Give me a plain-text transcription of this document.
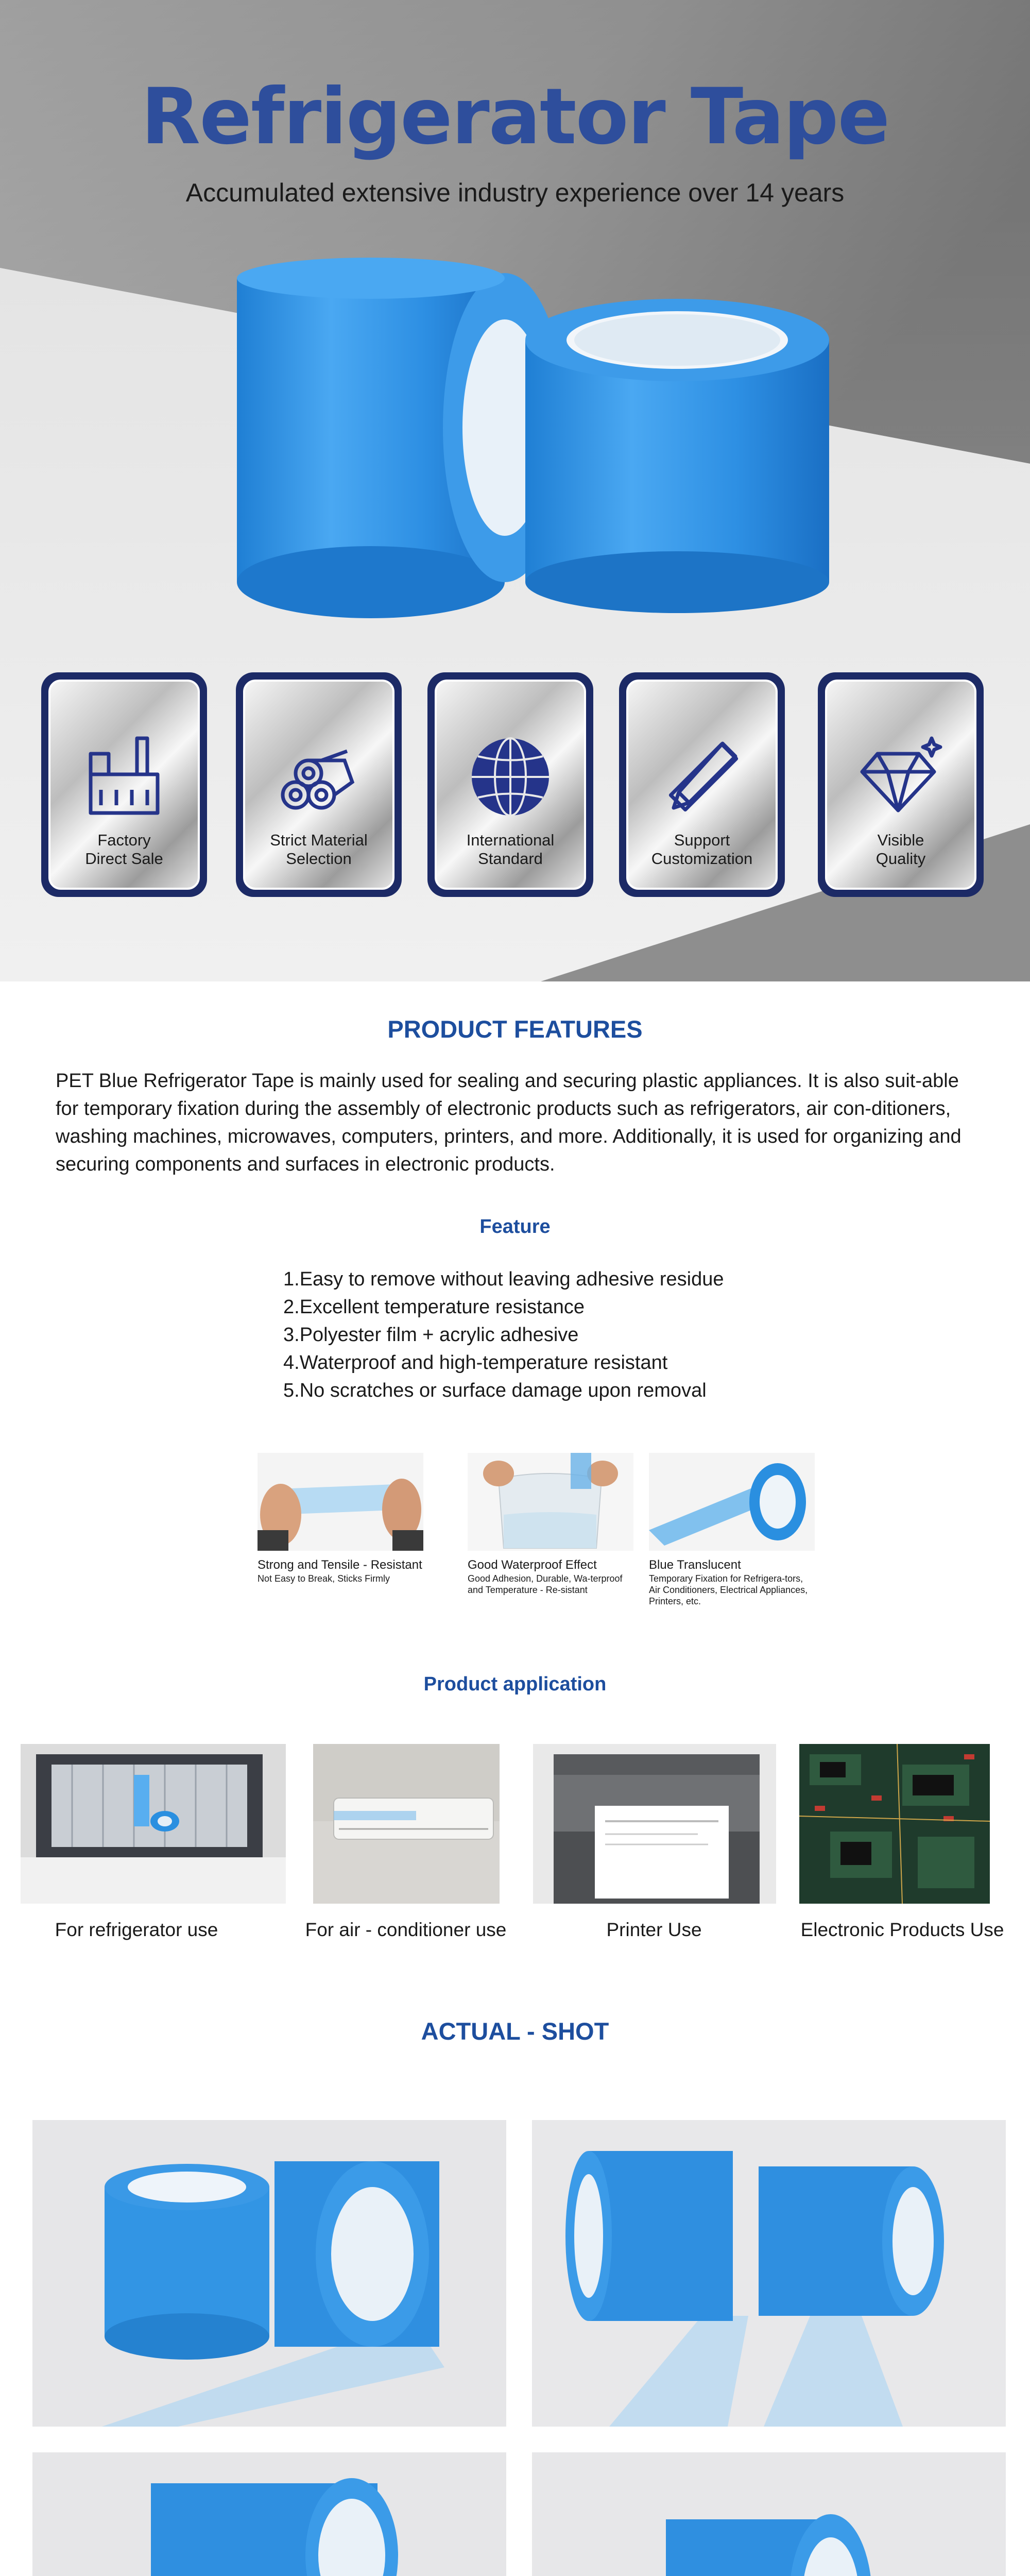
Refrigerator Tape
Accumulated extensive industry experience over 14 years
Factory
Direct Sale
Strict Material
Selection
International
Standard
Support
Customization
Visible
Quality
PRODUCT FEATURES

PET Blue Refrigerator Tape is mainly used for sealing and securing plastic appliances. It is also suit-able for temporary fixation during the assembly of electronic products such as refrigerators, air con-ditioners, washing machines, microwaves, computers, printers, and more. Additionally, it is used for organizing and securing components and surfaces in electronic products.

Feature
1.Easy to remove without leaving adhesive residue
2.Excellent temperature resistance
3.Polyester film + acrylic adhesive
4.Waterproof and high-temperature resistant
5.No scratches or surface damage upon removal
Strong and Tensile - Resistant
Not Easy to Break, Sticks Firmly
Good Waterproof Effect
Good Adhesion, Durable, Wa-terproof and Temperature - Re-sistant
Blue Translucent
Temporary Fixation for Refrigera-tors, Air Conditioners, Electrical Appliances, Printers, etc.
Product application
For refrigerator use	For air - conditioner use	Printer Use	Electronic Products Use
ACTUAL - SHOT
